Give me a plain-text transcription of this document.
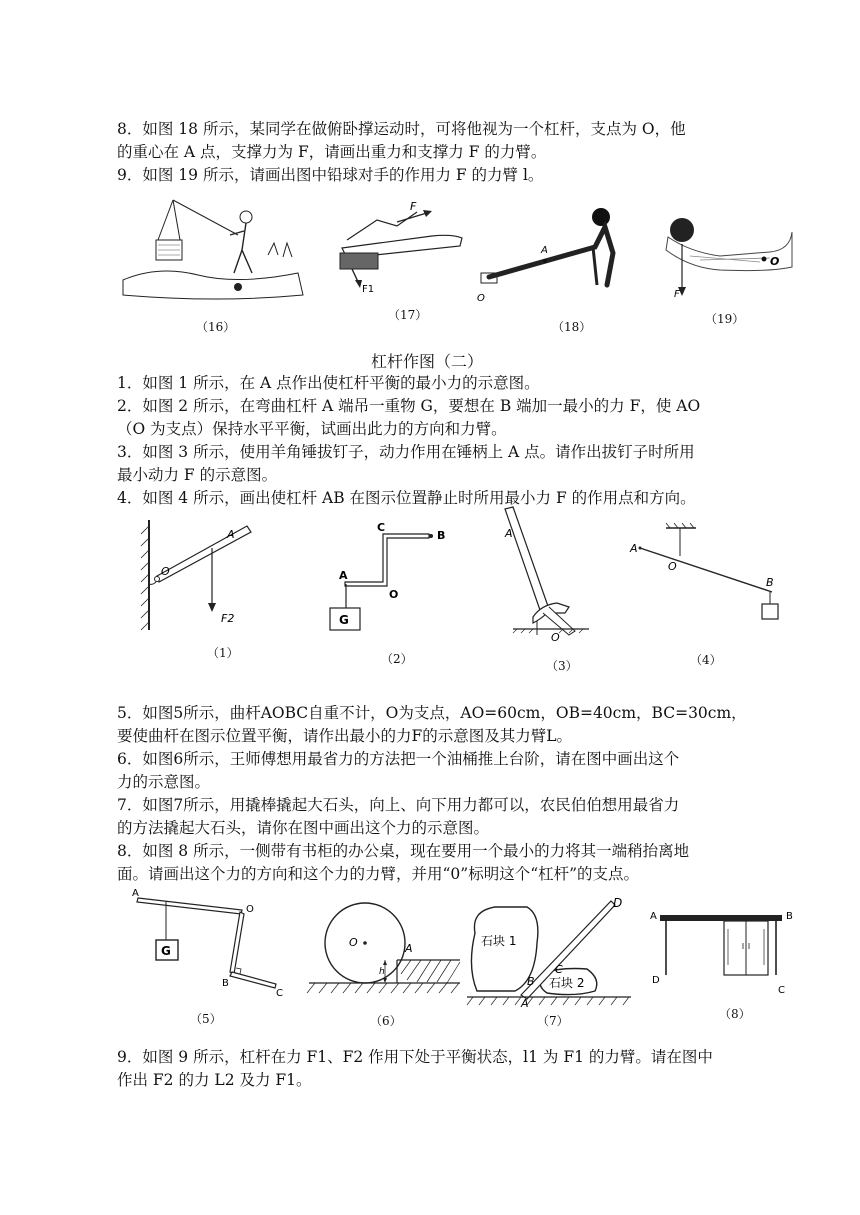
8．如图 18 所示，某同学在做俯卧撑运动时，可将他视为一个杠杆，支点为 O，他
的重心在 A 点，支撑力为 F，请画出重力和支撑力 F 的力臂。
9．如图 19 所示，请画出图中铅球对手的作用力 F 的力臂 l。
F
F1
A
O
O
F
（16）
（17）
（18）
（19）
杠杆作图（二）
1．如图 1 所示，在 A 点作出使杠杆平衡的最小力的示意图。
2．如图 2 所示，在弯曲杠杆 A 端吊一重物 G，要想在 B 端加一最小的力 F，使 AO
（O 为支点）保持水平平衡，试画出此力的方向和力臂。
3．如图 3 所示，使用羊角锤拔钉子，动力作用在锤柄上 A 点。请作出拔钉子时所用
最小动力 F 的示意图。
4．如图 4 所示，画出使杠杆 AB 在图示位置静止时所用最小力 F 的作用点和方向。
O
A
F2	G
A
C
B
O
A
O
A
O
B
（1）	（2）	（3）	（4）
5．如图5所示，曲杆AOBC自重不计，O为支点，AO=60cm，OB=40cm，BC=30cm，
要使曲杆在图示位置平衡，请作出最小的力F的示意图及其力臂L。
6．如图6所示，王师傅想用最省力的方法把一个油桶推上台阶，请在图中画出这个
力的示意图。
7．如图7所示，用撬棒撬起大石头，向上、向下用力都可以，农民伯伯想用最省力
的方法撬起大石头，请你在图中画出这个力的示意图。
8．如图 8 所示，一侧带有书柜的办公桌，现在要用一个最小的力将其一端稍抬离地
面。请画出这个力的方向和这个力的力臂，并用“0”标明这个“杠杆”的支点。
G
A
O
B
C
O	A
h
D
石块 1
石块 2
B
C
A
A	B
D
C
（5）	（6）	（7）	（8）
9．如图 9 所示，杠杆在力 F1、F2 作用下处于平衡状态，l1 为 F1 的力臂。请在图中
作出 F2 的力 L2 及力 F1。
